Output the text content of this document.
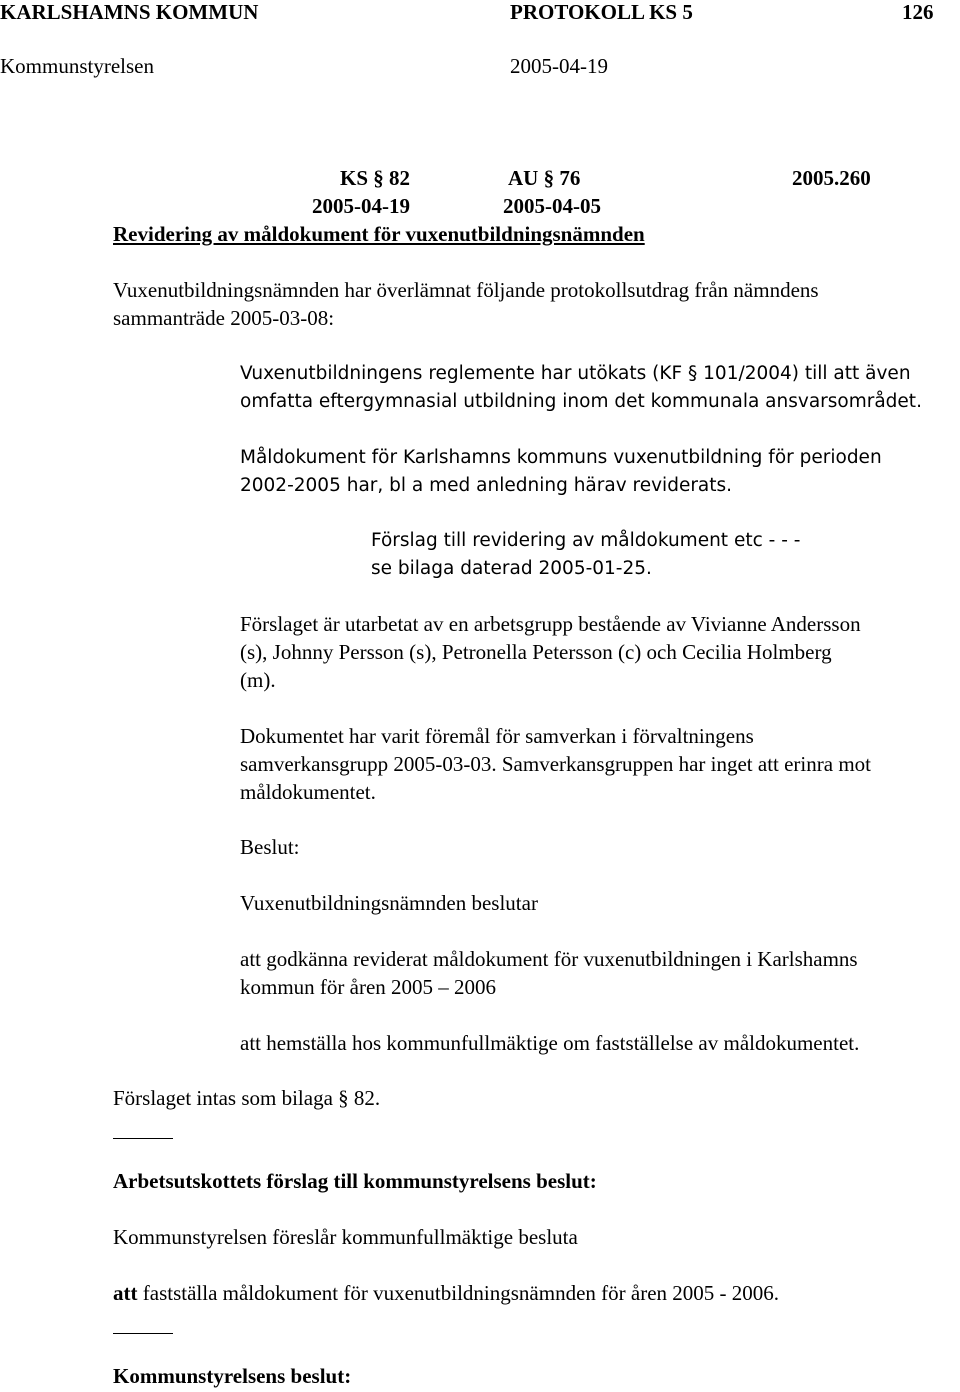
KARLSHAMNS KOMMUN	PROTOKOLL KS 5	126
Kommunstyrelsen	2005-04-19
KS § 82	AU § 76	2005.260
2005-04-19	2005-04-05
Revidering av måldokument för vuxenutbildningsnämnden
Vuxenutbildningsnämnden har överlämnat följande protokollsutdrag från nämndens
sammanträde 2005-03-08:
Vuxenutbildningens reglemente har utökats (KF § 101/2004) till att även
omfatta eftergymnasial utbildning inom det kommunala ansvarsområdet.
Måldokument för Karlshamns kommuns vuxenutbildning för perioden
2002-2005 har, bl a med anledning härav reviderats.
Förslag till revidering av måldokument etc - - -
se bilaga daterad 2005-01-25.
Förslaget är utarbetat av en arbetsgrupp bestående av Vivianne Andersson
(s), Johnny Persson (s), Petronella Petersson (c) och Cecilia Holmberg
(m).
Dokumentet har varit föremål för samverkan i förvaltningens
samverkansgrupp 2005-03-03. Samverkansgruppen har inget att erinra mot
måldokumentet.
Beslut:
Vuxenutbildningsnämnden beslutar
att godkänna reviderat måldokument för vuxenutbildningen i Karlshamns
kommun för åren 2005 – 2006
att hemställa hos kommunfullmäktige om fastställelse av måldokumentet.
Förslaget intas som bilaga § 82.
Arbetsutskottets förslag till kommunstyrelsens beslut:
Kommunstyrelsen föreslår kommunfullmäktige besluta
att fastställa måldokument för vuxenutbildningsnämnden för åren 2005 - 2006.
Kommunstyrelsens beslut:
